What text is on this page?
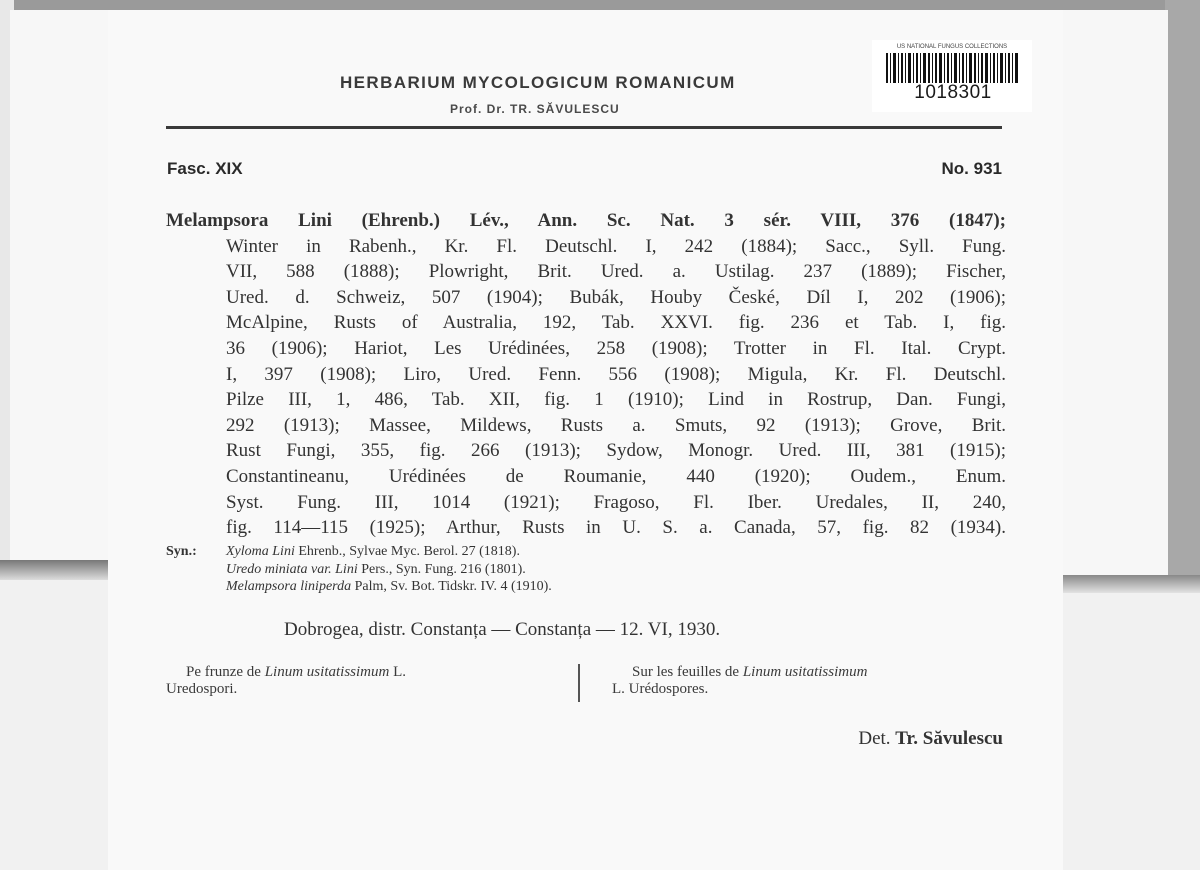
HERBARIUM MYCOLOGICUM ROMANICUM
Prof. Dr. TR. SĂVULESCU
US NATIONAL FUNGUS COLLECTIONS
1018301
Fasc. XIX	No. 931
Melampsora Lini (Ehrenb.) Lév., Ann. Sc. Nat. 3 sér. VIII, 376 (1847);
Winter in Rabenh., Kr. Fl. Deutschl. I, 242 (1884); Sacc., Syll. Fung.
VII, 588 (1888); Plowright, Brit. Ured. a. Ustilag. 237 (1889); Fischer,
Ured. d. Schweiz, 507 (1904); Bubák, Houby České, Díl I, 202 (1906);
McAlpine, Rusts of Australia, 192, Tab. XXVI. fig. 236 et Tab. I, fig.
36 (1906); Hariot, Les Urédinées, 258 (1908); Trotter in Fl. Ital. Crypt.
I, 397 (1908); Liro, Ured. Fenn. 556 (1908); Migula, Kr. Fl. Deutschl.
Pilze III, 1, 486, Tab. XII, fig. 1 (1910); Lind in Rostrup, Dan. Fungi,
292 (1913); Massee, Mildews, Rusts a. Smuts, 92 (1913); Grove, Brit.
Rust Fungi, 355, fig. 266 (1913); Sydow, Monogr. Ured. III, 381 (1915);
Constantineanu, Urédinées de Roumanie, 440 (1920); Oudem., Enum.
Syst. Fung. III, 1014 (1921); Fragoso, Fl. Iber. Uredales, II, 240,
fig. 114—115 (1925); Arthur, Rusts in U. S. a. Canada, 57, fig. 82 (1934).
Syn.: Xyloma Lini Ehrenb., Sylvae Myc. Berol. 27 (1818).
Uredo miniata var. Lini Pers., Syn. Fung. 216 (1801).
Melampsora liniperda Palm, Sv. Bot. Tidskr. IV. 4 (1910).
Dobrogea, distr. Constanța — Constanța — 12. VI, 1930.
Pe frunze de Linum usitatissimum L.
Uredospori.
Sur les feuilles de Linum usitatissimum
L. Urédospores.
Det. Tr. Săvulescu
